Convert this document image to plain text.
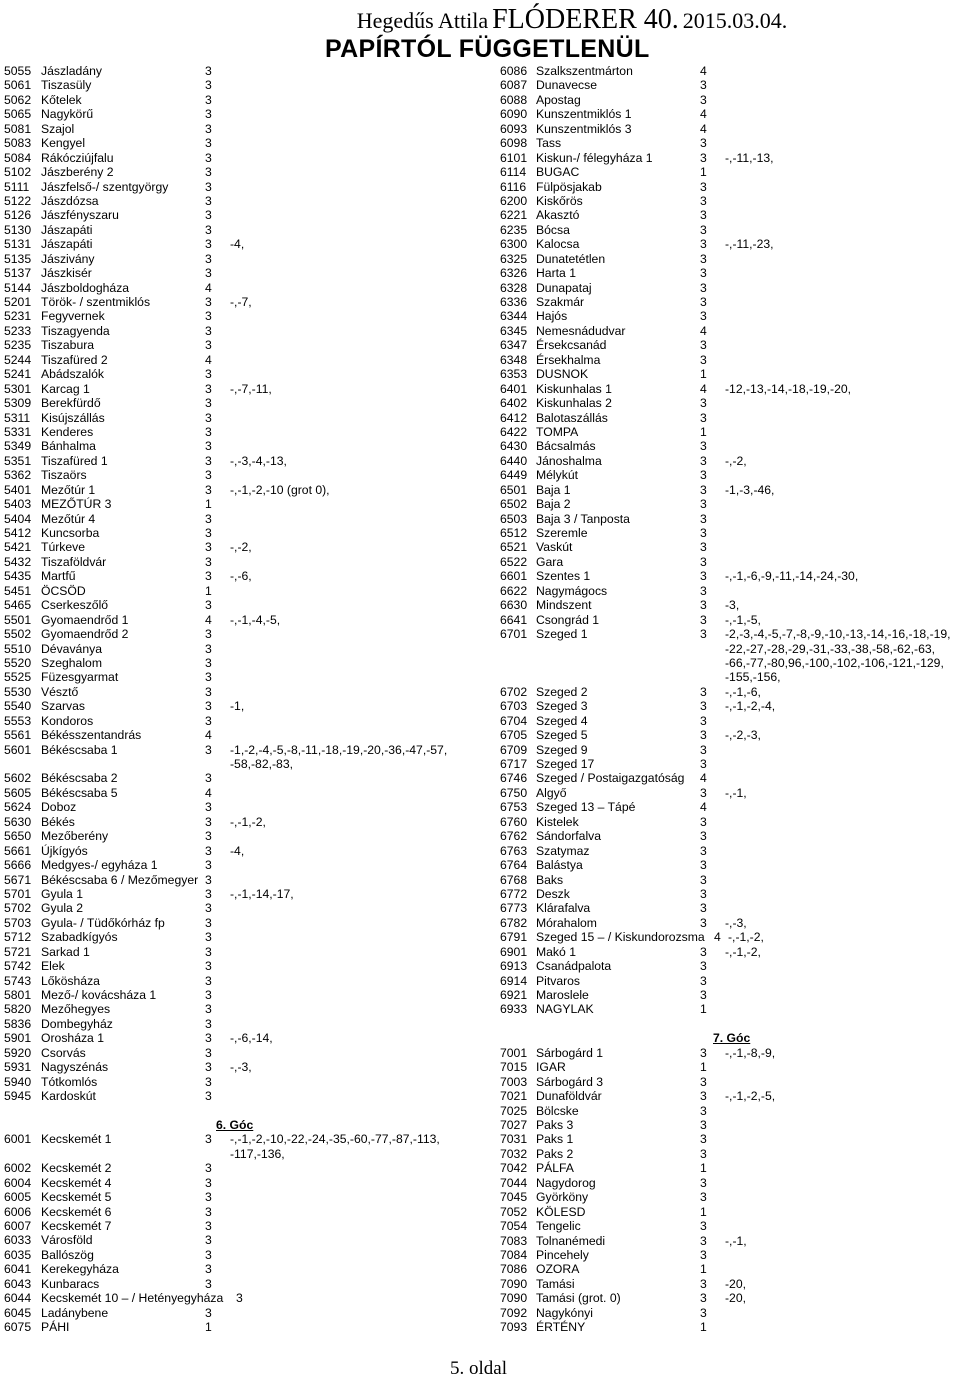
Hegedűs Attila FLÓDERER 40. 2015.03.04.
PAPÍRTÓL FÜGGETLENÜL
5055 Jászladány	3
5061 Tiszasüly	3
5062 Kőtelek	3
5065 Nagykörű	3
5081 Szajol	3
5083 Kengyel	3
5084 Rákócziújfalu	3
5102 Jászberény 2	3
5111 Jászfelső-/ szentgyörgy	3
5122 Jászdózsa	3
5126 Jászfényszaru	3
5130 Jászapáti	3
5131 Jászapáti	3 -4,
5135 Jászivány	3
5137 Jászkisér	3
5144 Jászboldogháza	4
5201 Török- / szentmiklós	3 -,-7,
5231 Fegyvernek	3
5233 Tiszagyenda	3
5235 Tiszabura	3
5244 Tiszafüred 2	4
5241 Abádszalók	3
5301 Karcag 1	3 -,-7,-11,
5309 Berekfürdő	3
5311 Kisújszállás	3
5331 Kenderes	3
5349 Bánhalma	3
5351 Tiszafüred 1	3 -,-3,-4,-13,
5362 Tiszaörs	3
5401 Mezőtúr 1	3 -,-1,-2,-10 (grot 0),
5403 MEZŐTÚR 3	1
5404 Mezőtúr 4	3
5412 Kuncsorba	3
5421 Túrkeve	3 -,-2,
5432 Tiszaföldvár	3
5435 Martfű	3 -,-6,
5451 ÖCSÖD	1
5465 Cserkeszőlő	3
5501 Gyomaendrőd 1	4 -,-1,-4,-5,
5502 Gyomaendrőd 2	3
5510 Dévaványa	3
5520 Szeghalom	3
5525 Füzesgyarmat	3
5530 Vésztő	3
5540 Szarvas	3 -1,
5553 Kondoros	3
5561 Békésszentandrás	4
5601 Békéscsaba 1	3 -1,-2,-4,-5,-8,-11,-18,-19,-20,-36,-47,-57,
-58,-82,-83,
5602 Békéscsaba 2	3
5605 Békéscsaba 5	4
5624 Doboz	3
5630 Békés	3 -,-1,-2,
5650 Mezőberény	3
5661 Újkígyós	3 -4,
5666 Medgyes-/ egyháza 1	3
5671 Békéscsaba 6 / Mezőmegyer 3
5701 Gyula 1	3 -,-1,-14,-17,
5702 Gyula 2	3
5703 Gyula- / Tüdőkórház fp	3
5712 Szabadkígyós	3
5721 Sarkad 1	3
5742 Elek	3
5743 Lőkösháza	3
5801 Mező-/ kovácsháza 1	3
5820 Mezőhegyes	3
5836 Dombegyház	3
5901 Orosháza 1	3 -,-6,-14,
5920 Csorvás	3
5931 Nagyszénás	3 -,-3,
5940 Tótkomlós	3
5945 Kardoskút	3
6. Góc
6001 Kecskemét 1	3 -,-1,-2,-10,-22,-24,-35,-60,-77,-87,-113,
-117,-136,
6002 Kecskemét 2	3
6004 Kecskemét 4	3
6005 Kecskemét 5	3
6006 Kecskemét 6	3
6007 Kecskemét 7	3
6033 Városföld	3
6035 Ballószög	3
6041 Kerekegyháza	3
6043 Kunbaracs	3
6044 Kecskemét 10 – / Hetényegyháza 3
6045 Ladánybene	3
6075 PÁHI	1
6086 Szalkszentmárton	4
6087 Dunavecse	3
6088 Apostag	3
6090 Kunszentmiklós 1	4
6093 Kunszentmiklós 3	4
6098 Tass	3
6101 Kiskun-/ félegyháza 1	3 -,-11,-13,
6114 BUGAC	1
6116 Fülpösjakab	3
6200 Kiskőrös	3
6221 Akasztó	3
6235 Bócsa	3
6300 Kalocsa	3 -,-11,-23,
6325 Dunatetétlen	3
6326 Harta 1	3
6328 Dunapataj	3
6336 Szakmár	3
6344 Hajós	3
6345 Nemesnádudvar	4
6347 Érsekcsanád	3
6348 Érsekhalma	3
6353 DUSNOK	1
6401 Kiskunhalas 1	4 -12,-13,-14,-18,-19,-20,
6402 Kiskunhalas 2	3
6412 Balotaszállás	3
6422 TOMPA	1
6430 Bácsalmás	3
6440 Jánoshalma	3 -,-2,
6449 Mélykút	3
6501 Baja 1	3 -1,-3,-46,
6502 Baja 2	3
6503 Baja 3 / Tanposta	3
6512 Szeremle	3
6521 Vaskút	3
6522 Gara	3
6601 Szentes 1	3 -,-1,-6,-9,-11,-14,-24,-30,
6622 Nagymágocs	3
6630 Mindszent	3 -3,
6641 Csongrád 1	3 -,-1,-5,
6701 Szeged 1	3 -2,-3,-4,-5,-7,-8,-9,-10,-13,-14,-16,-18,-19,
-22,-27,-28,-29,-31,-33,-38,-58,-62,-63,
-66,-77,-80,96,-100,-102,-106,-121,-129,
-155,-156,
6702 Szeged 2	3 -,-1,-6,
6703 Szeged 3	3 -,-1,-2,-4,
6704 Szeged 4	3
6705 Szeged 5	3 -,-2,-3,
6709 Szeged 9	3
6717 Szeged 17	3
6746 Szeged / Postaigazgatóság 4
6750 Algyő	3 -,-1,
6753 Szeged 13 – Tápé	4
6760 Kistelek	3
6762 Sándorfalva	3
6763 Szatymaz	3
6764 Balástya	3
6768 Baks	3
6772 Deszk	3
6773 Klárafalva	3
6782 Mórahalom	3 -,-3,
6791 Szeged 15 – / Kiskundorozsma 4 -,-1,-2,
6901 Makó 1	3 -,-1,-2,
6913 Csanádpalota	3
6914 Pitvaros	3
6921 Maroslele	3
6933 NAGYLAK	1
7. Góc
7001 Sárbogárd 1	3 -,-1,-8,-9,
7015 IGAR	1
7003 Sárbogárd 3	3
7021 Dunaföldvár	3 -,-1,-2,-5,
7025 Bölcske	3
7027 Paks 3	3
7031 Paks 1	3
7032 Paks 2	3
7042 PÁLFA	1
7044 Nagydorog	3
7045 Györköny	3
7052 KÖLESD	1
7054 Tengelic	3
7083 Tolnanémedi	3 -,-1,
7084 Pincehely	3
7086 OZORA	1
7090 Tamási	3 -20,
7090 Tamási (grot. 0)	3 -20,
7092 Nagykónyi	3
7093 ÉRTÉNY	1
5. oldal
